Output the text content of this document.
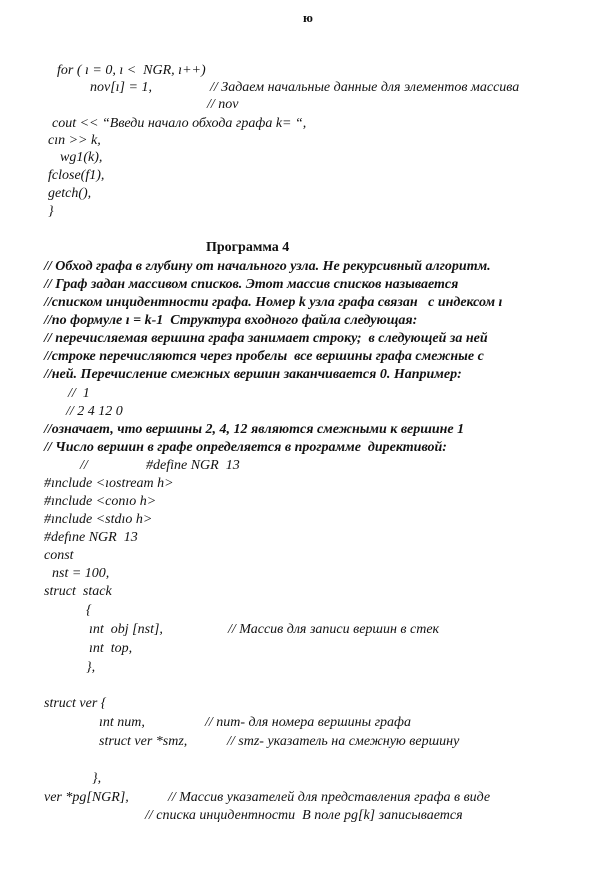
ю
for ( ı = 0, ı <  NGR, ı++)
nov[ı] = 1,	// Задаем начальные данные для элементов массива
// nov
cout << “Введи начало обхода графа k= “,
cın >> k,
wg1(k),
fclose(f1),
getch(),
}
Программа 4
// Обход графа в глубину от начального узла. Не рекурсивный алгоритм.
// Граф задан массивом списков. Этот массив списков называется
//списком инцидентности графа. Номер k узла графа связан   с индексом ı
//по формуле ı = k-1  Структура входного файла следующая:
// перечисляемая вершина графа занимает строку;  в следующей за ней
//строке перечисляются через пробелы  все вершины графа смежные с
//ней. Перечисление смежных вершин заканчивается 0. Например:
//  1
// 2 4 12 0
//означает, что вершины 2, 4, 12 являются смежными к вершине 1
// Число вершин в графе определяется в программе  директивой:
//	#define NGR  13
#ınclude <ıostream h>
#ınclude <conıo h>
#ınclude <stdıo h>
#defıne NGR  13
const
nst = 100,
struct  stack
{
ınt  obj [nst],	// Массив для записи вершин в стек
ınt  top,
},
struct ver {
ınt num,	// num- для номера вершины графа
struct ver *smz,	// smz- указатель на смежную вершину
},
ver *pg[NGR],	// Массив указателей для представления графа в виде
// списка инцидентности  В поле pg[k] записывается
